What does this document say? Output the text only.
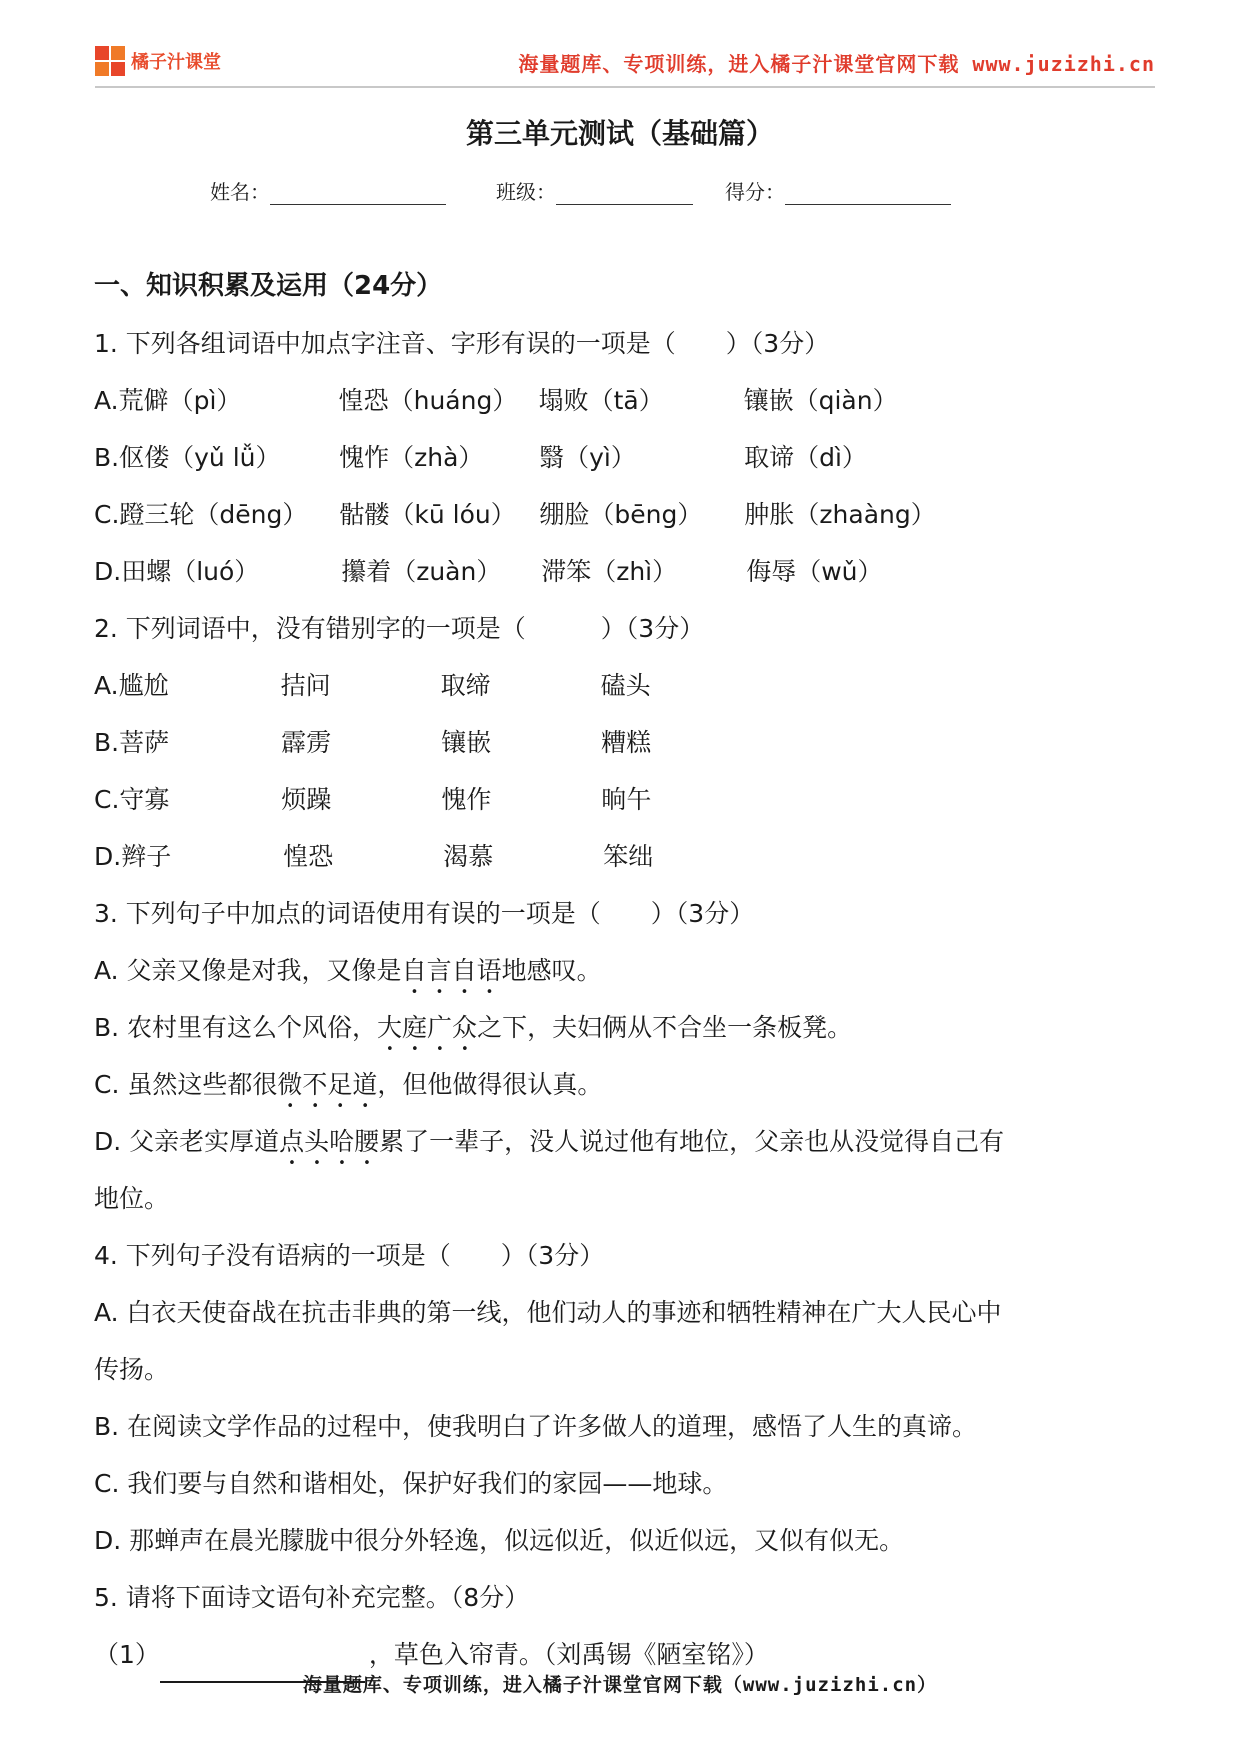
橘子汁课堂	海量题库、专项训练，进入橘子汁课堂官网下载 www.juzizhi.cn
第三单元测试（基础篇）
姓名：	班级：	得分：
一、知识积累及运用（24分）
1. 下列各组词语中加点字注音、字形有误的一项是（　　）（3分）
A.荒僻（pì）	惶恐（huáng） 塌败（tā）	镶嵌（qiàn）
B.伛偻（yǔ lǚ） 愧怍（zhà） 翳（yì）	取谛（dì）
C.蹬三轮（dēng） 骷髅（kū lóu） 绷脸（bēng） 肿胀（zhaàng）
D.田螺（luó）	攥着（zuàn） 滞笨（zhì）	侮辱（wǔ）
2. 下列词语中，没有错别字的一项是（　　　）（3分）
A.尴尬	拮问	取缔	磕头
B.菩萨	霹雳	镶嵌	糟糕
C.守寡	烦躁	愧作	晌午
D.辫子	惶恐	渴慕	笨绌
3. 下列句子中加点的词语使用有误的一项是（　　）（3分）
A. 父亲又像是对我，又像是自言自语地感叹。
B. 农村里有这么个风俗，大庭广众之下，夫妇俩从不合坐一条板凳。
C. 虽然这些都很微不足道，但他做得很认真。
D. 父亲老实厚道点头哈腰累了一辈子，没人说过他有地位，父亲也从没觉得自己有
地位。
4. 下列句子没有语病的一项是（　　）（3分）
A. 白衣天使奋战在抗击非典的第一线，他们动人的事迹和牺牲精神在广大人民心中
传扬。
B. 在阅读文学作品的过程中，使我明白了许多做人的道理，感悟了人生的真谛。
C. 我们要与自然和谐相处，保护好我们的家园——地球。
D. 那蝉声在晨光朦胧中很分外轻逸，似远似近，似近似远，又似有似无。
5. 请将下面诗文语句补充完整。（8分）
（1）	，草色入帘青。（刘禹锡《陋室铭》）
海量题库、专项训练，进入橘子汁课堂官网下载（www.juzizhi.cn）
